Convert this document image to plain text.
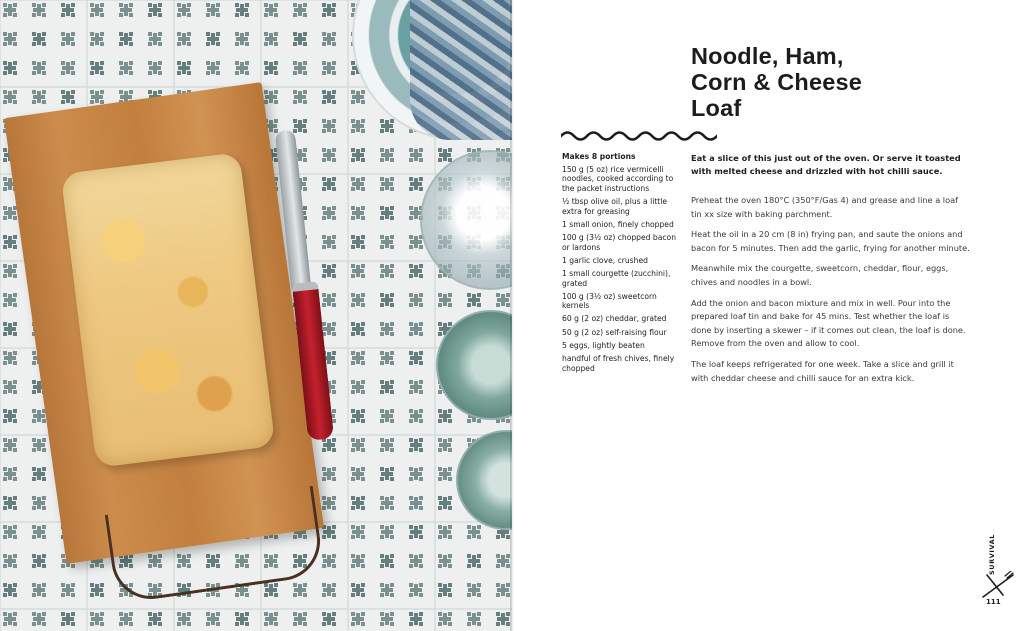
Noodle, Ham,
Corn & Cheese
Loaf
Makes 8 portions
150 g (5 oz) rice vermicelli noodles, cooked according to the packet instructions
½ tbsp olive oil, plus a little extra for greasing
1 small onion, finely chopped
100 g (3½ oz) chopped bacon or lardons
1 garlic clove, crushed
1 small courgette (zucchini), grated
100 g (3½ oz) sweetcorn kernels
60 g (2 oz) cheddar, grated
50 g (2 oz) self-raising flour
5 eggs, lightly beaten
handful of fresh chives, finely chopped

Eat a slice of this just out of the oven. Or serve it toasted with melted cheese and drizzled with hot chilli sauce.

Preheat the oven 180°C (350°F/Gas 4) and grease and line a loaf tin xx size with baking parchment.

Heat the oil in a 20 cm (8 in) frying pan, and saute the onions and bacon for 5 minutes. Then add the garlic, frying for another minute.

Meanwhile mix the courgette, sweetcorn, cheddar, flour, eggs, chives and noodles in a bowl.

Add the onion and bacon mixture and mix in well. Pour into the prepared loaf tin and bake for 45 mins. Test whether the loaf is done by inserting a skewer – if it comes out clean, the loaf is done. Remove from the oven and allow to cool.

The loaf keeps refrigerated for one week. Take a slice and grill it with cheddar cheese and chilli sauce for an extra kick.

SURVIVAL
111
